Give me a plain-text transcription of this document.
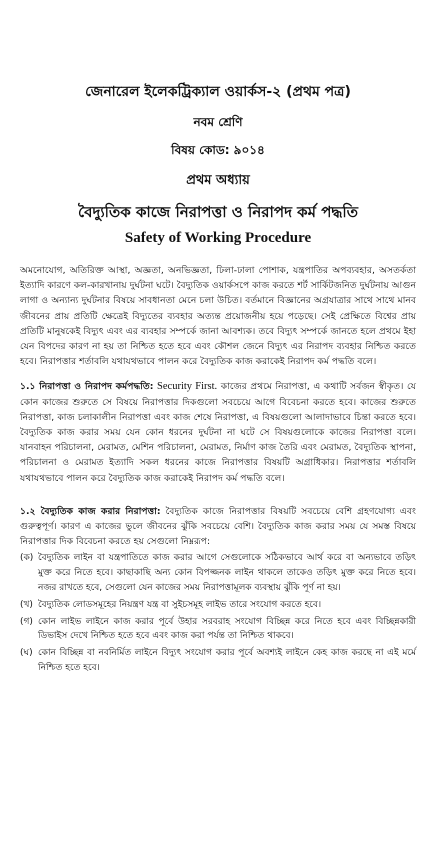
জেনারেল ইলেকট্রিক্যাল ওয়ার্কস-২ (প্রথম পত্র)
নবম শ্রেণি
বিষয় কোড: ৯০১৪
প্রথম অধ্যায়
বৈদ্যুতিক কাজে নিরাপত্তা ও নিরাপদ কর্ম পদ্ধতি
Safety of Working Procedure

অমনোযোগ, অতিরিক্ত আস্থা, অজ্ঞতা, অনভিজ্ঞতা, ঢিলা-ঢালা পোশাক, যন্ত্রপাতির অপব্যবহার, অসতর্কতা ইত্যাদি কারণে কল-কারখানায় দুর্ঘটনা ঘটে। বৈদ্যুতিক ওয়ার্কসপে কাজ করতে শর্ট সার্কিটজনিত দুর্ঘটনায় আগুন লাগা ও অন্যান্য দুর্ঘটনার বিষয়ে সাবধানতা মেনে চলা উচিত। বর্তমানে বিজ্ঞানের অগ্রযাত্রার সাথে সাথে মানব জীবনের প্রায় প্রতিটি ক্ষেত্রেই বিদ্যুতের ব্যবহার অত্যন্ত প্রয়োজনীয় হয়ে পড়েছে। সেই প্রেক্ষিতে বিশ্বের প্রায় প্রতিটি মানুষকেই বিদ্যুৎ এবং এর ব্যবহার সম্পর্কে জানা আবশ্যক। তবে বিদ্যুৎ সম্পর্কে জানতে হলে প্রথমে ইহা যেন বিপদের কারণ না হয় তা নিশ্চিত হতে হবে এবং কৌশল জেনে বিদ্যুৎ এর নিরাপদ ব্যবহার নিশ্চিত করতে হবে। নিরাপত্তার শর্তাবলি যথাযথভাবে পালন করে বৈদ্যুতিক কাজ করাকেই নিরাপদ কর্ম পদ্ধতি বলে।

১.১ নিরাপত্তা ও নিরাপদ কর্মপদ্ধতি: Security First. কাজের প্রথমে নিরাপত্তা, এ কথাটি সর্বজন স্বীকৃত। যে কোন কাজের শুরুতে সে বিষয়ে নিরাপত্তার দিকগুলো সবচেয়ে আগে বিবেচনা করতে হবে। কাজের শুরুতে নিরাপত্তা, কাজ চলাকালীন নিরাপত্তা এবং কাজ শেষে নিরাপত্তা, এ বিষয়গুলো আলাদাভাবে চিন্তা করতে হবে। বৈদ্যুতিক কাজ করার সময় যেন কোন ধরনের দুর্ঘটনা না ঘটে সে বিষয়গুলোকে কাজের নিরাপত্তা বলে। যানবাহন পরিচালনা, মেরামত, মেশিন পরিচালনা, মেরামত, নির্মাণ কাজ তৈরি এবং মেরামত, বৈদ্যুতিক স্থাপনা, পরিচালনা ও মেরামত ইত্যাদি সকল ধরনের কাজে নিরাপত্তার বিষয়টি অগ্রাধিকার। নিরাপত্তার শর্তাবলি যথাযথভাবে পালন করে বৈদ্যুতিক কাজ করাকেই নিরাপদ কর্ম পদ্ধতি বলে।

১.২ বৈদ্যুতিক কাজ করার নিরাপত্তা: বৈদ্যুতিক কাজে নিরাপত্তার বিষয়টি সবচেয়ে বেশি গ্রহণযোগ্য এবং গুরুত্বপূর্ণ। কারণ এ কাজের ভুলে জীবনের ঝুঁকি সবচেয়ে বেশি। বৈদ্যুতিক কাজ করার সময় যে সমস্ত বিষয়ে নিরাপত্তার দিক বিবেচনা করতে হয় সেগুলো নিম্নরূপ:

(ক) বৈদ্যুতিক লাইন বা যন্ত্রপাতিতে কাজ করার আগে সেগুলোকে সঠিকভাবে আর্থ করে বা অন্যভাবে তড়িৎ মুক্ত করে নিতে হবে। কাছাকাছি অন্য কোন বিপজ্জনক লাইন থাকলে তাকেও তড়িৎ মুক্ত করে নিতে হবে। নজর রাখতে হবে, সেগুলো যেন কাজের সময় নিরাপত্তামূলক ব্যবস্থায় ঝুঁকি পূর্ণ না হয়।
(খ) বৈদ্যুতিক লোডসমূহের নিয়ন্ত্রণ যন্ত্র বা সুইচসমূহ লাইভ তারে সংযোগ করতে হবে।
(গ) কোন লাইভ লাইনে কাজ করার পূর্বে উহার সরবরাহ সংযোগ বিচ্ছিন্ন করে নিতে হবে এবং বিচ্ছিন্নকারী ডিভাইস দেখে নিশ্চিত হতে হবে এবং কাজ করা পর্যন্ত তা নিশ্চিত থাকবে।
(ঘ) কোন বিচ্ছিন্ন বা নবনির্মিত লাইনে বিদ্যুৎ সংযোগ করার পূর্বে অবশ্যই লাইনে কেহ কাজ করছে না এই মর্মে নিশ্চিত হতে হবে।
